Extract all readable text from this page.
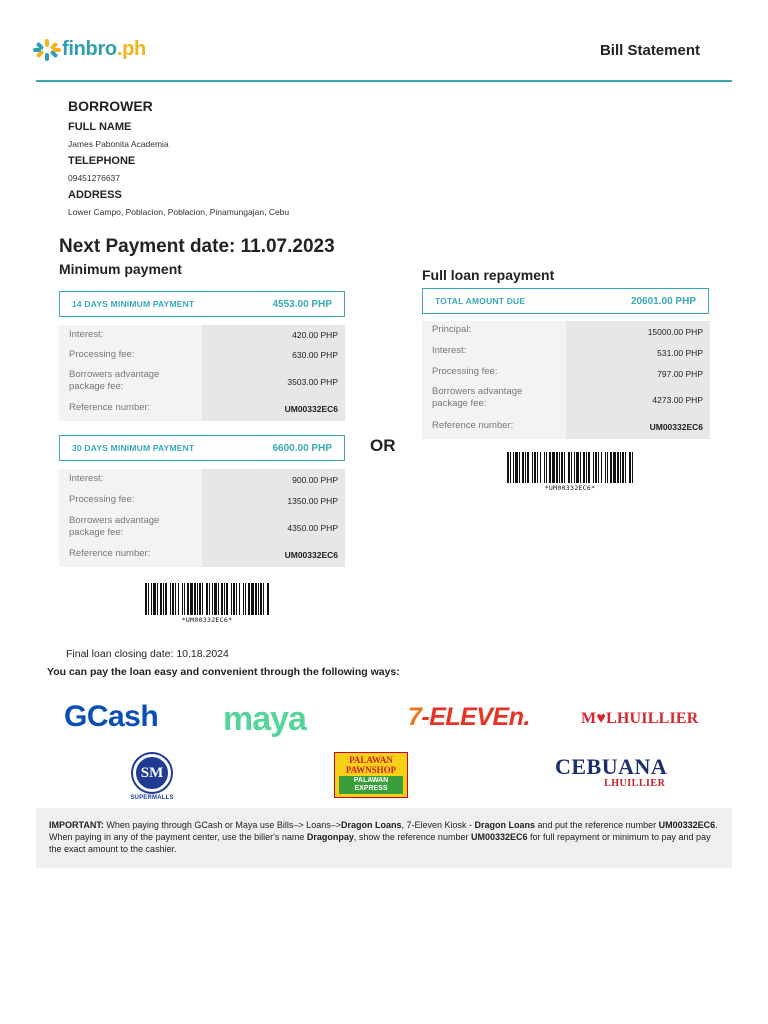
finbro.ph	Bill Statement
BORROWER
FULL NAME
James Pabonita Academia
TELEPHONE
09451276637
ADDRESS
Lower Campo, Poblacion, Poblacion, Pinamungajan, Cebu
Next Payment date: 11.07.2023
Minimum payment	Full loan repayment
14 DAYS MINIMUM PAYMENT	4553.00 PHP
Interest:	420.00 PHP
Processing fee:	630.00 PHP
Borrowers advantage package fee:	3503.00 PHP
Reference number:	UM00332EC6
30 DAYS MINIMUM PAYMENT	6600.00 PHP
Interest:	900.00 PHP
Processing fee:	1350.00 PHP
Borrowers advantage package fee:	4350.00 PHP
Reference number:	UM00332EC6
OR
TOTAL AMOUNT DUE	20601.00 PHP
Principal:	15000.00 PHP
Interest:	531.00 PHP
Processing fee:	797.00 PHP
Borrowers advantage package fee:	4273.00 PHP
Reference number:	UM00332EC6
*UM00332EC6*
*UM00332EC6*
Final loan closing date: 10.18.2024
You can pay the loan easy and convenient through the following ways:
GCash maya	7-ELEVEn.	M♥LHUILLIER
SM
SUPERMALLS
PALAWAN PAWNSHOP
PALAWAN EXPRESS
CEBUANA
LHUILLIER
IMPORTANT: When paying through GCash or Maya use Bills–> Loans–>Dragon Loans, 7-Eleven Kiosk - Dragon Loans and put the reference number UM00332EC6. When paying in any of the payment center, use the biller's name Dragonpay, show the reference number UM00332EC6 for full repayment or minimum to pay and pay the exact amount to the cashier.
